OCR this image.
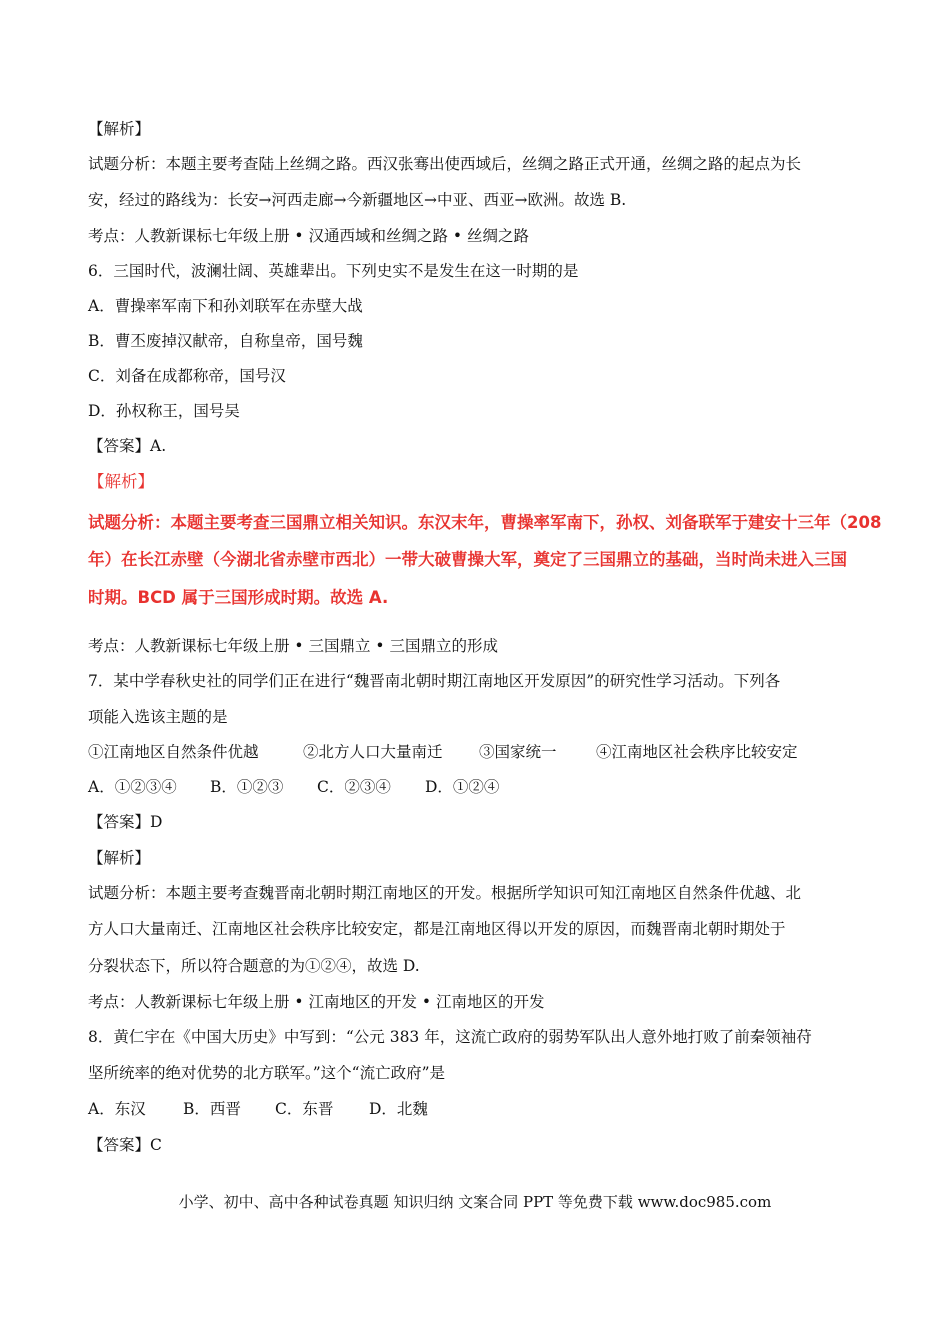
【解析】
试题分析：本题主要考查陆上丝绸之路。西汉张骞出使西域后，丝绸之路正式开通，丝绸之路的起点为长
安，经过的路线为：长安→河西走廊→今新疆地区→中亚、西亚→欧洲。故选 B.
考点：人教新课标七年级上册 • 汉通西域和丝绸之路 • 丝绸之路
6．三国时代，波澜壮阔、英雄辈出。下列史实不是发生在这一时期的是
A．曹操率军南下和孙刘联军在赤壁大战
B．曹丕废掉汉献帝，自称皇帝，国号魏
C．刘备在成都称帝，国号汉
D．孙权称王，国号吴
【答案】A.
【解析】
试题分析：本题主要考查三国鼎立相关知识。东汉末年，曹操率军南下，孙权、刘备联军于建安十三年（208
年）在长江赤壁（今湖北省赤壁市西北）一带大破曹操大军，奠定了三国鼎立的基础，当时尚未进入三国
时期。BCD 属于三国形成时期。故选 A.
考点：人教新课标七年级上册 • 三国鼎立 • 三国鼎立的形成
7．某中学春秋史社的同学们正在进行“魏晋南北朝时期江南地区开发原因”的研究性学习活动。下列各
项能入选该主题的是
①江南地区自然条件优越	②北方人口大量南迁 ③国家统一	④江南地区社会秩序比较安定
A．①②③④ B．①②③ C．②③④ D．①②④
【答案】D
【解析】
试题分析：本题主要考查魏晋南北朝时期江南地区的开发。根据所学知识可知江南地区自然条件优越、北
方人口大量南迁、江南地区社会秩序比较安定，都是江南地区得以开发的原因，而魏晋南北朝时期处于
分裂状态下，所以符合题意的为①②④，故选 D.
考点：人教新课标七年级上册 • 江南地区的开发 • 江南地区的开发
8．黄仁宇在《中国大历史》中写到：“公元 383 年，这流亡政府的弱势军队出人意外地打败了前秦领袖苻
坚所统率的绝对优势的北方联军。”这个“流亡政府”是
A．东汉 B．西晋 C．东晋 D．北魏
【答案】C
小学、初中、高中各种试卷真题 知识归纳 文案合同 PPT 等免费下载 www.doc985.com
